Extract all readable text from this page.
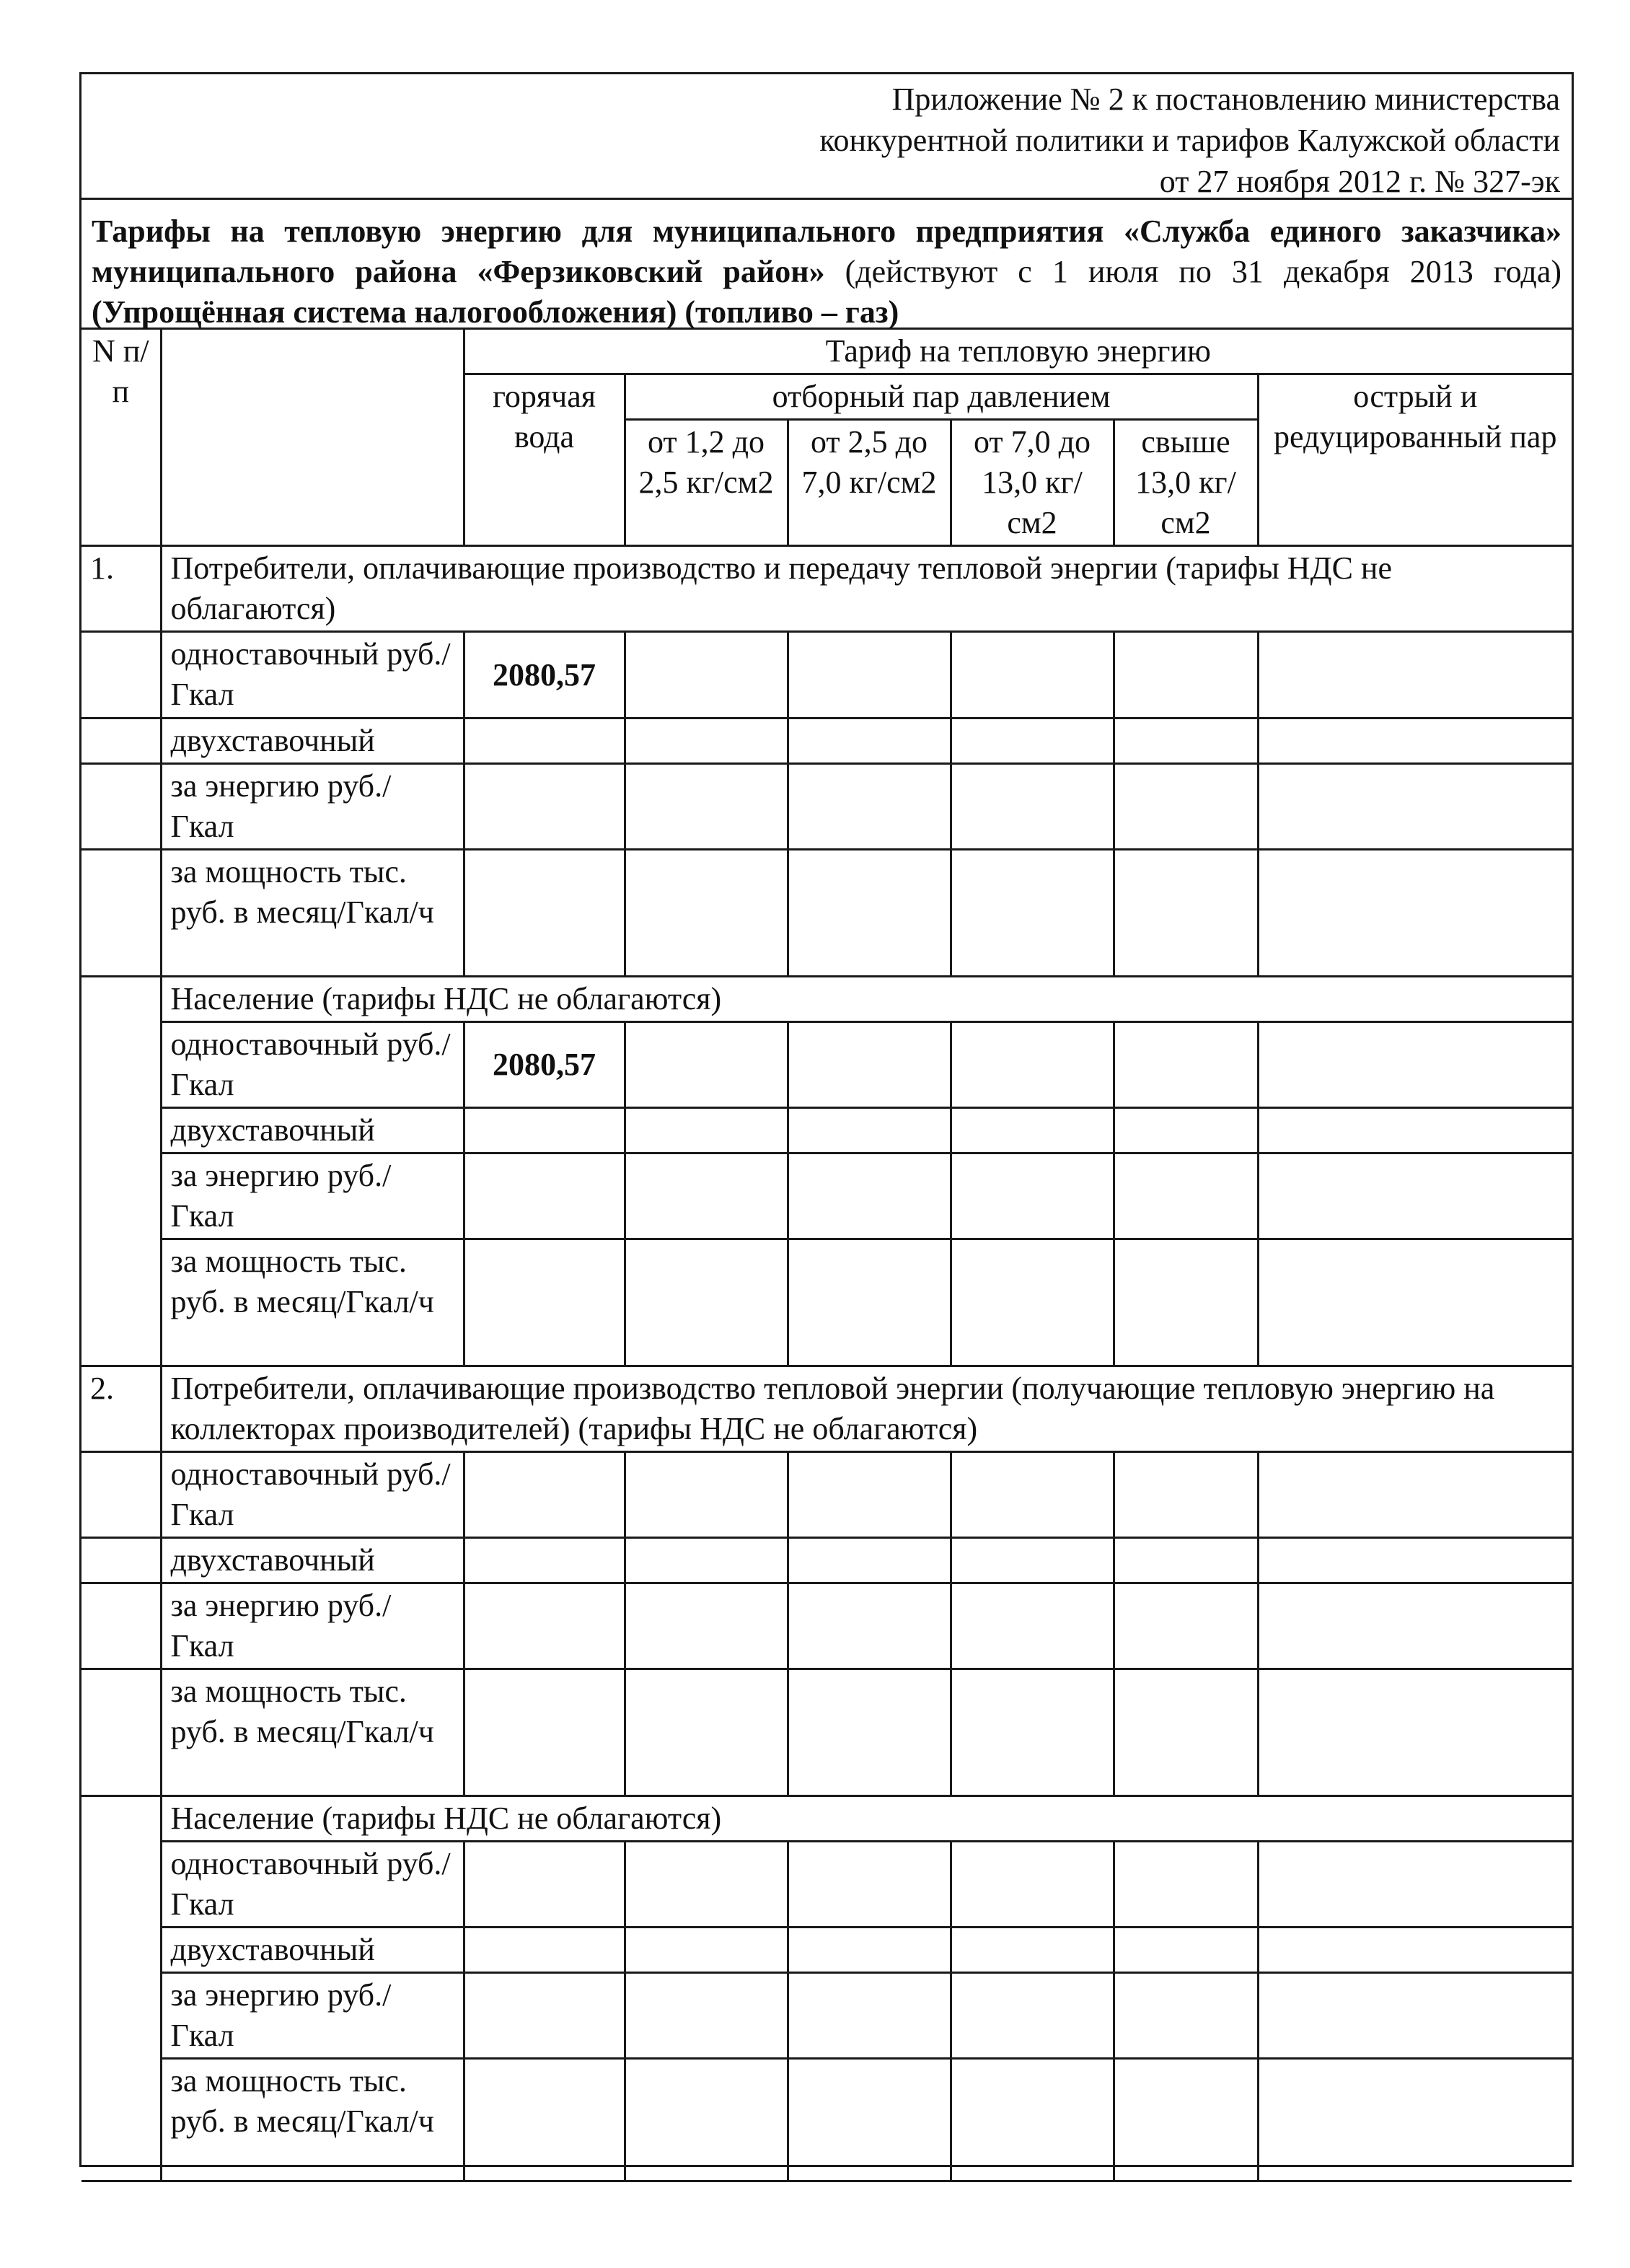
Приложение № 2 к постановлению министерства
конкурентной политики и тарифов Калужской области
от 27 ноября 2012 г. № 327-эк
Тарифы на тепловую энергию для муниципального предприятия «Служба единого заказчика» муниципального района «Ферзиковский район» (действуют с 1 июля по 31 декабря 2013 года) (Упрощённая система налогообложения) (топливо – газ)
N п/п		Тариф на тепловую энергию					
		горячая вода	отборный пар давлением				острый и редуцированный пар
			от 1,2 до 2,5 кг/см2	от 2,5 до 7,0 кг/см2	от 7,0 до 13,0 кг/см2	свыше 13,0 кг/см2	
1.	Потребители, оплачивающие производство и передачу тепловой энергии (тарифы НДС не облагаются)						
	одноставочный руб./Гкал	2080,57					
	двухставочный						
	за энергию руб./Гкал						
	за мощность тыс. руб. в месяц/Гкал/ч						
	Население (тарифы НДС не облагаются)						
	одноставочный руб./Гкал	2080,57					
	двухставочный						
	за энергию руб./Гкал						
	за мощность тыс. руб. в месяц/Гкал/ч						
2.	Потребители, оплачивающие производство тепловой энергии (получающие тепловую энергию на коллекторах производителей) (тарифы НДС не облагаются)						
	одноставочный руб./Гкал						
	двухставочный						
	за энергию руб./Гкал						
	за мощность тыс. руб. в месяц/Гкал/ч						
	Население (тарифы НДС не облагаются)						
	одноставочный руб./Гкал						
	двухставочный						
	за энергию руб./Гкал						
	за мощность тыс. руб. в месяц/Гкал/ч						
